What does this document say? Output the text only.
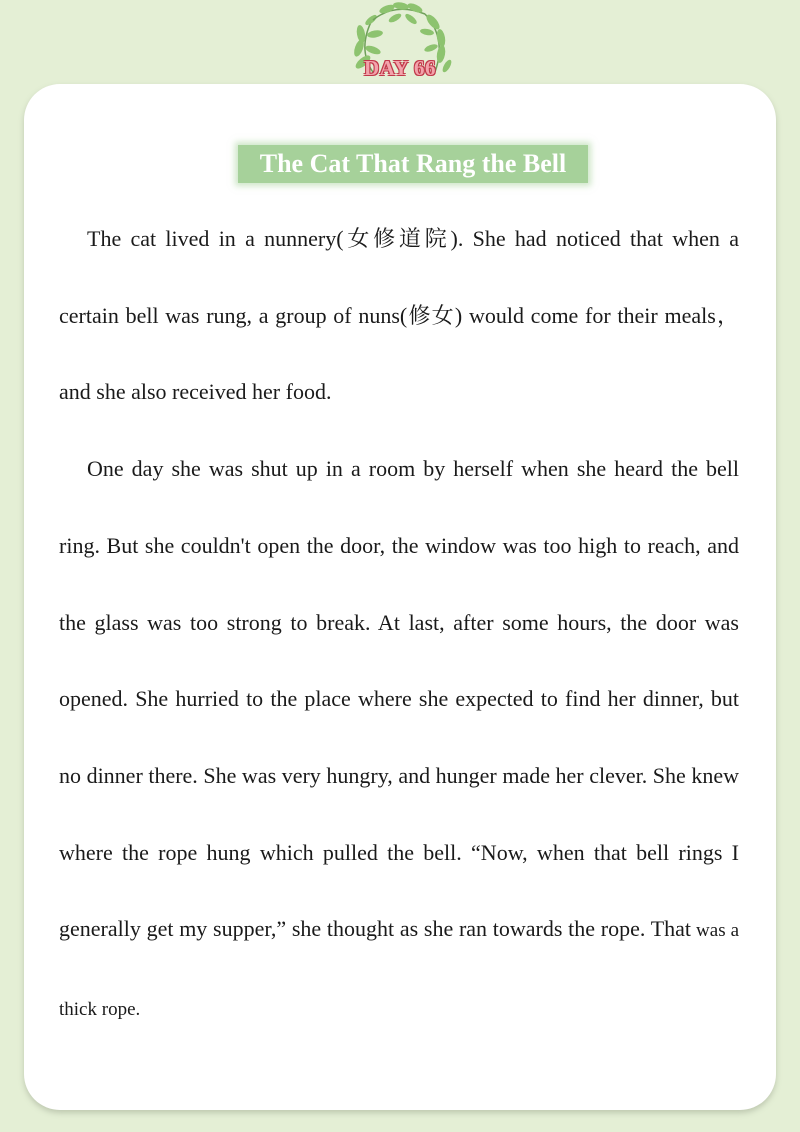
DAY 66
The Cat That Rang the Bell

The cat lived in a nunnery(女修道院). She had noticed that when a certain bell was rung, a group of nuns(修女) would come for their meals，and she also received her food.

One day she was shut up in a room by herself when she heard the bell ring. But she couldn't open the door, the window was too high to reach, and the glass was too strong to break. At last, after some hours, the door was opened. She hurried to the place where she expected to find her dinner, but no dinner there. She was very hungry, and hunger made her clever. She knew where the rope hung which pulled the bell. “Now, when that bell rings I generally get my supper,” she thought as she ran towards the rope. That was a thick rope.
